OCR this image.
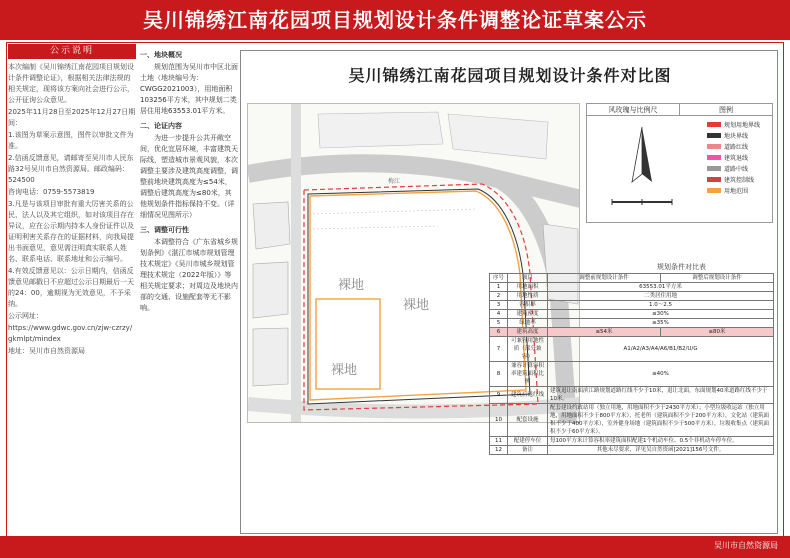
吴川锦绣江南花园项目规划设计条件调整论证草案公示
公示说明

本次编制《吴川锦绣江南花园项目规划设计条件调整论证》，根据相关法律法规的相关规定，现将该方案向社会进行公示，公开征询公众意见。

2025年11月28日至2025年12月27日期间：

1.该图为草案示意图，图件以审批文件为准。

2.信函反馈意见，请邮寄至吴川市人民东路32号吴川市自然资源局。邮政编码：524500

咨询电话：0759-5573819

3.凡是与该项目审批有重大厉害关系的公民、法人以及其它组织，如对该项目存在异议，应在公示期内持本人身份证件以及证明利害关系存在的证据材料，向我局提出书面意见，意见需注明真实联系人姓名、联系电话、联系地址和公示编号。

4.有效反馈意见以：公示日期内，信函反馈意见邮戳日不应超过公示日期最后一天的24：00，逾期视为无效意见，不予采纳。

公示网址：

https://www.gdwc.gov.cn/zjw-czrzy/gkmlpt/mindex

地址：吴川市自然资源局

一、地块概况
规划范围为吴川市中区北面土地（地块编号为：CWGG2021003），用地面积103256平方米，其中规划二类居住用地63553.01平方米。
二、论证内容
为进一步提升公共开敞空间，优化宜居环境，丰富建筑天际线，塑造城市景观风貌，本次调整主要涉及建筑高度调整，调整前地块建筑高度为≤54米，调整后建筑高度为≤80米，其他规划条件指标保持不变。（详细情况见图所示）
三、调整可行性
本调整符合《广东省城乡规划条例》《湛江市城市规划管理技术规定》《吴川市城乡规划管理技术规定（2022年版）》等相关规定要求；对周边及地块内部的交通、设施配套等无不影响。
吴川锦绣江南花园项目规划设计条件对比图
裸地
裸地
裸地
梅江
风玫瑰与比例尺	图例
规划用地界线
地块界线
道路红线
建筑退线
道路中线
建筑控制线
用地范围
规划条件对比表
序号	项目	调整前规划设计条件	调整后规划设计条件
1	用地面积	63553.01平方米	
2	用地性质	二类居住用地	
3	容积率	1.0～2.5	
4	建筑密度	≤30%	
5	绿地率	≥35%	
6	建筑高度	≤54米	≤80米
7	可兼容用地性质（部分兼容）	A1/A2/A3/A4/A6/B1/B2/U/G	
8	兼容计算容积率建筑面积比例	≤40%	
9	建筑后退红线	建筑退让南面滨江路规划道路红线不少于10米，退让北面，东面规划40米道路红线不少于10米。	
10	配套设施	配套建设约政站用（独立用地，用地面积不少于2430平方米）；小型垃圾收运站（独立用地，用地面积不少于800平方米），托老所（建筑面积不少于200平方米），文化站（建筑面积不少于400平方米），室外健身场地（建筑面积不少于500平方米），垃圾收集点（建筑面积不少于60平方米）。	
11	配建停车位	每100平方米计算容积率建筑面积配建1个机动车位、0.5个非机动车停车位。	
12	备注	其他未尽要求，详见吴自然资函[2021]156号文件。	
吴川市自然资源局
